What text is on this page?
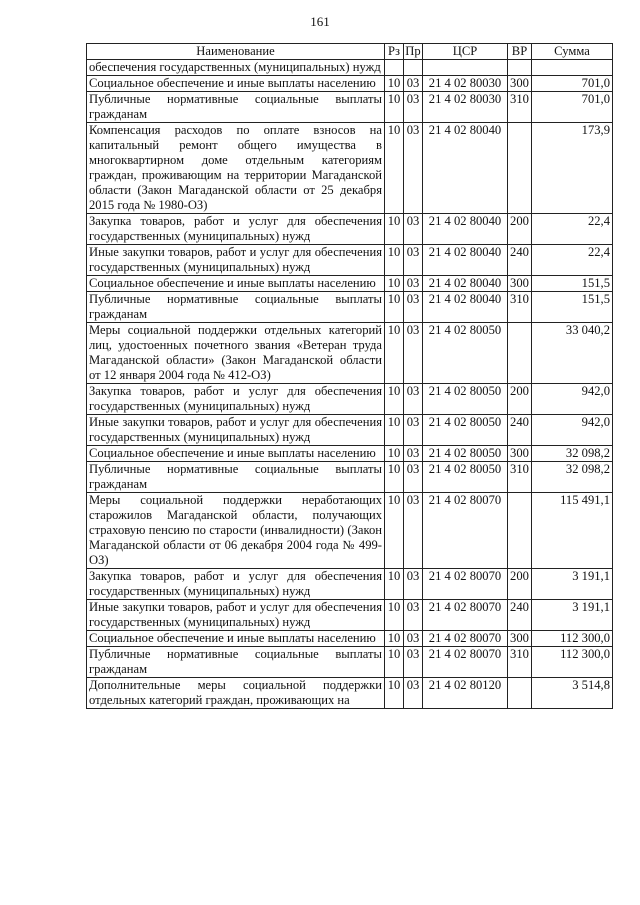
161
Наименование	Рз	Пр	ЦСР	ВР	Сумма
обеспечения государственных (муниципальных) нужд					
Социальное обеспечение и иные выплаты населению	10	03	21 4 02 80030	300	701,0
Публичные нормативные социальные выплаты гражданам	10	03	21 4 02 80030	310	701,0
Компенсация расходов по оплате взносов на капитальный ремонт общего имущества в многоквартирном доме отдельным категориям граждан, проживающим на территории Магаданской области (Закон Магаданской области от 25 декабря 2015 года № 1980-ОЗ)	10	03	21 4 02 80040		173,9
Закупка товаров, работ и услуг для обеспечения государственных (муниципальных) нужд	10	03	21 4 02 80040	200	22,4
Иные закупки товаров, работ и услуг для обеспечения государственных (муниципальных) нужд	10	03	21 4 02 80040	240	22,4
Социальное обеспечение и иные выплаты населению	10	03	21 4 02 80040	300	151,5
Публичные нормативные социальные выплаты гражданам	10	03	21 4 02 80040	310	151,5
Меры социальной поддержки отдельных категорий лиц, удостоенных почетного звания «Ветеран труда Магаданской области» (Закон Магаданской области от 12 января 2004 года № 412-ОЗ)	10	03	21 4 02 80050		33 040,2
Закупка товаров, работ и услуг для обеспечения государственных (муниципальных) нужд	10	03	21 4 02 80050	200	942,0
Иные закупки товаров, работ и услуг для обеспечения государственных (муниципальных) нужд	10	03	21 4 02 80050	240	942,0
Социальное обеспечение и иные выплаты населению	10	03	21 4 02 80050	300	32 098,2
Публичные нормативные социальные выплаты гражданам	10	03	21 4 02 80050	310	32 098,2
Меры социальной поддержки неработающих старожилов Магаданской области, получающих страховую пенсию по старости (инвалидности) (Закон Магаданской области от 06 декабря 2004 года № 499-ОЗ)	10	03	21 4 02 80070		115 491,1
Закупка товаров, работ и услуг для обеспечения государственных (муниципальных) нужд	10	03	21 4 02 80070	200	3 191,1
Иные закупки товаров, работ и услуг для обеспечения государственных (муниципальных) нужд	10	03	21 4 02 80070	240	3 191,1
Социальное обеспечение и иные выплаты населению	10	03	21 4 02 80070	300	112 300,0
Публичные нормативные социальные выплаты гражданам	10	03	21 4 02 80070	310	112 300,0
Дополнительные меры социальной поддержки отдельных категорий граждан, проживающих на	10	03	21 4 02 80120		3 514,8
